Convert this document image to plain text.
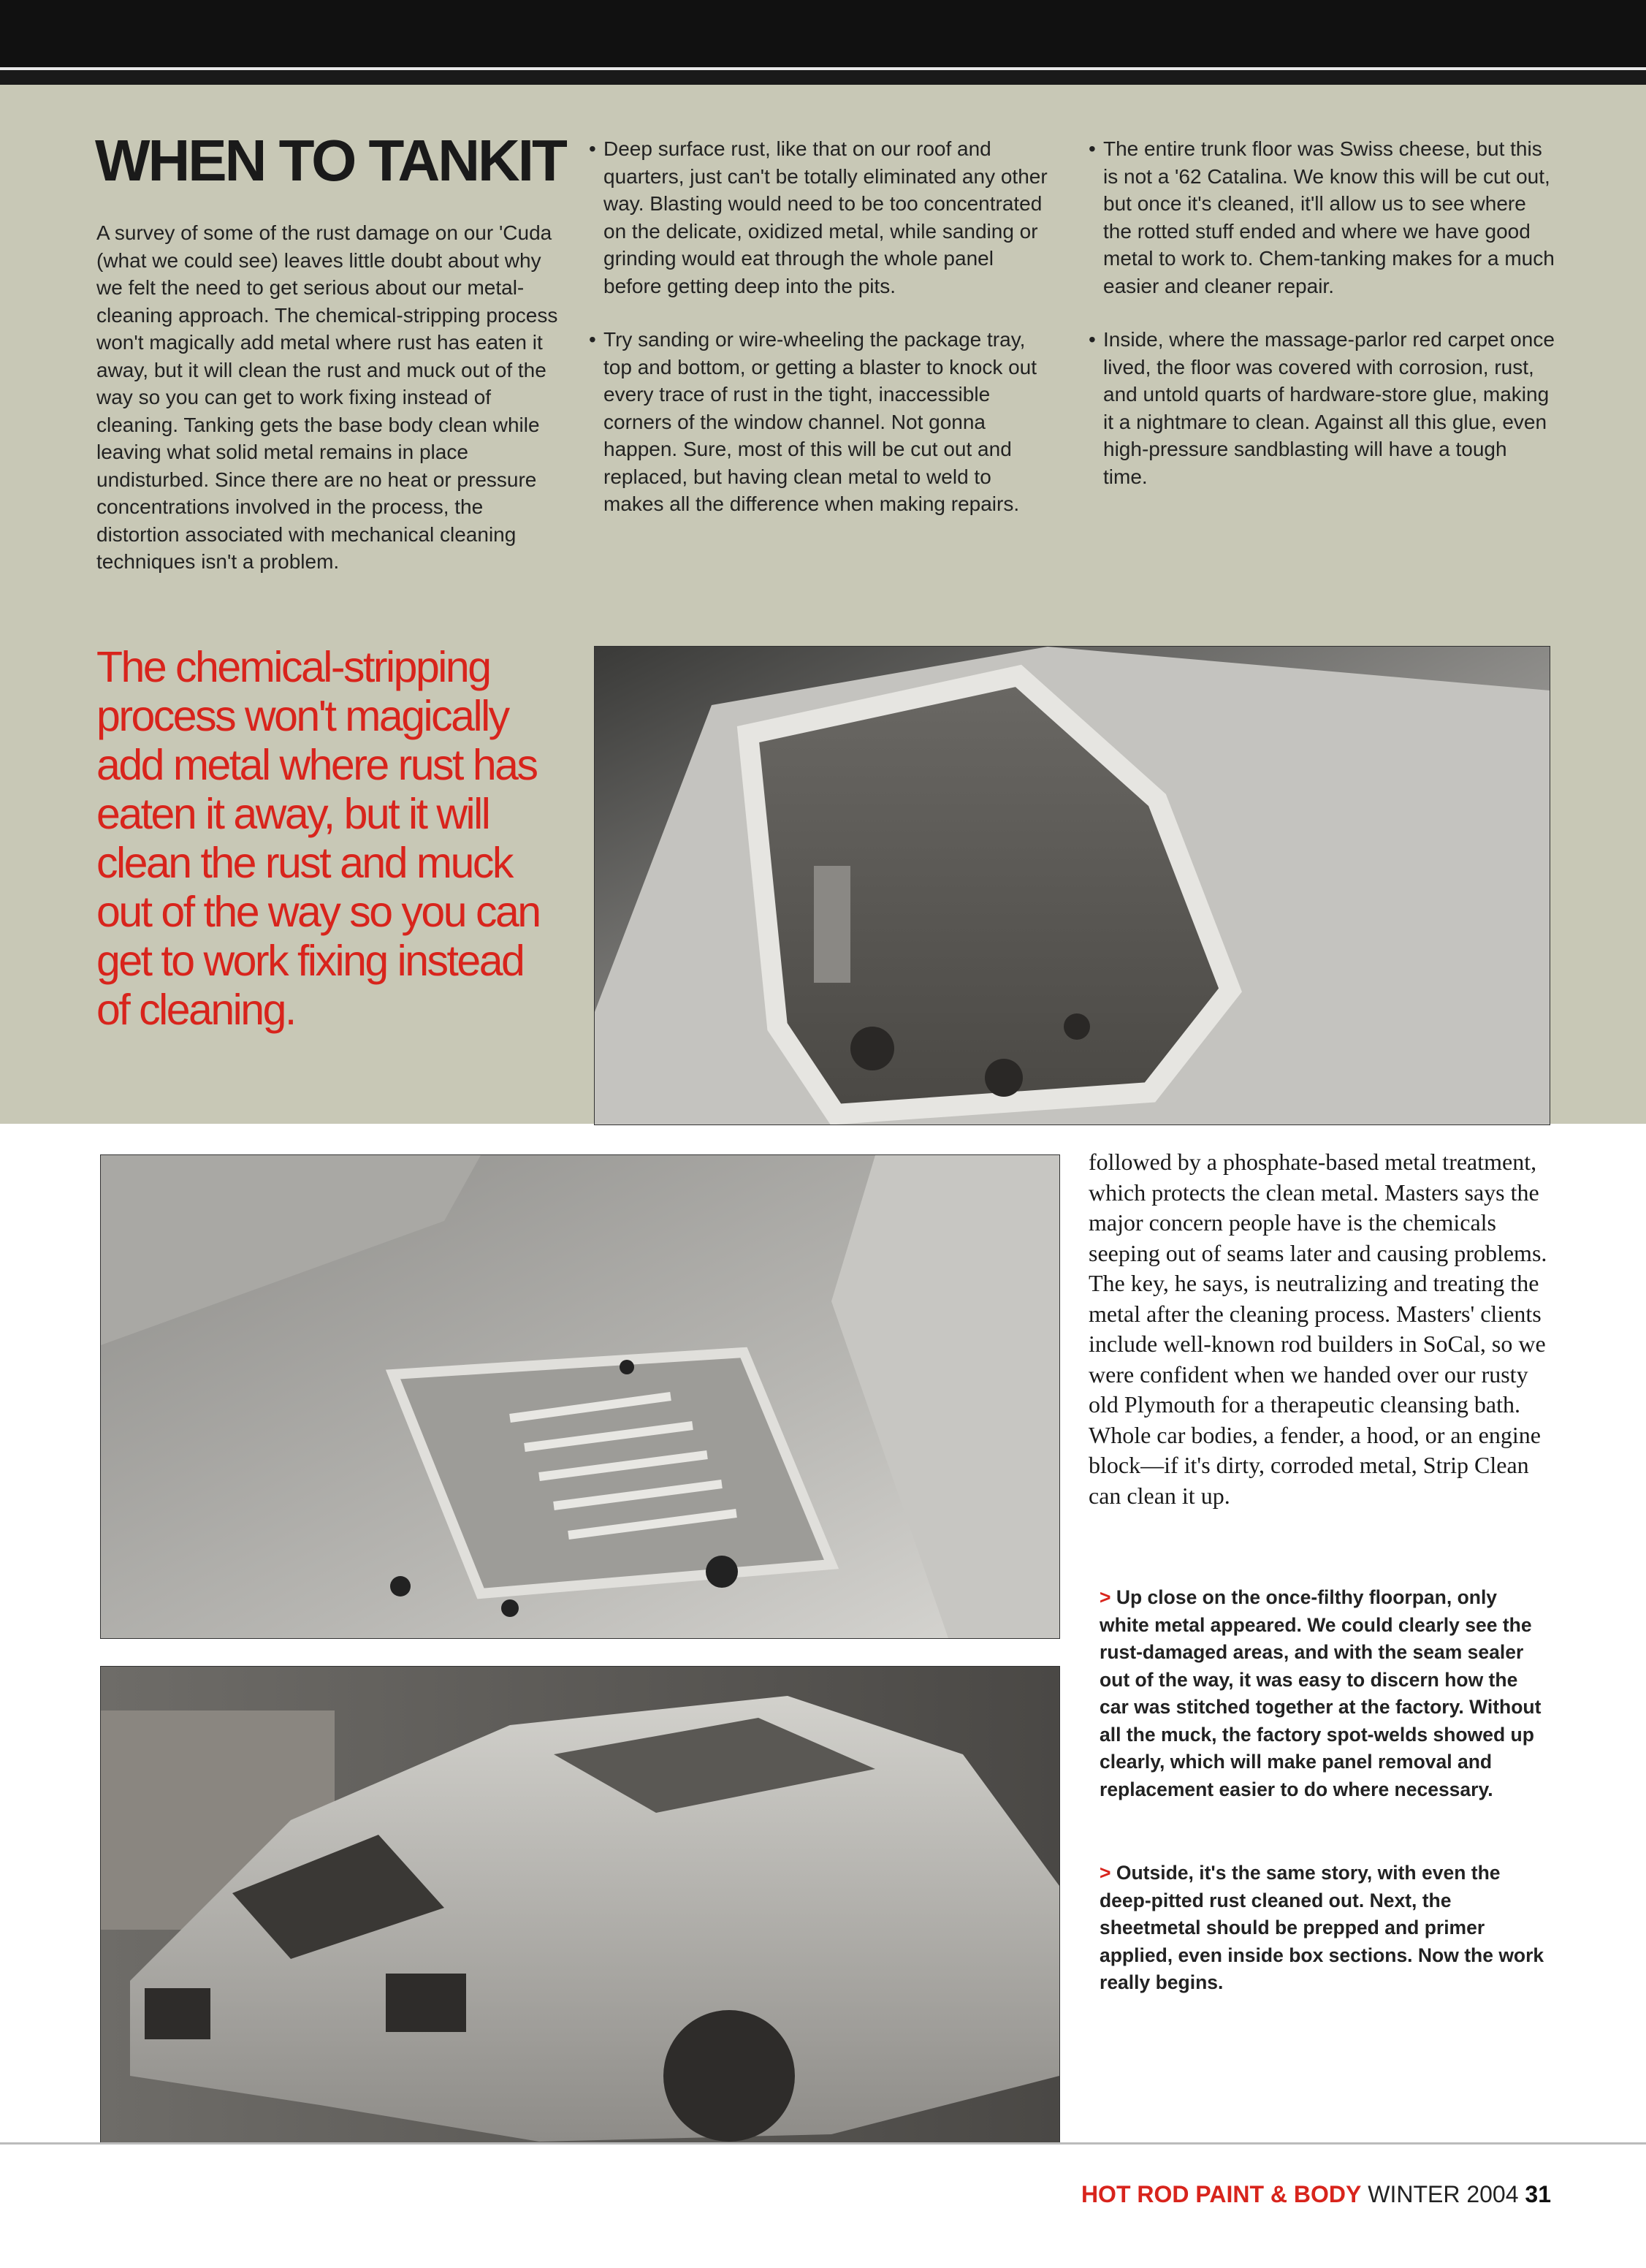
WHEN TO TANKIT

A survey of some of the rust damage on our 'Cuda (what we could see) leaves little doubt about why we felt the need to get serious about our metal-cleaning approach. The chemical-stripping process won't magically add metal where rust has eaten it away, but it will clean the rust and muck out of the way so you can get to work fixing instead of cleaning. Tanking gets the base body clean while leaving what solid metal remains in place undisturbed. Since there are no heat or pressure concentrations involved in the process, the distortion associated with mechanical cleaning techniques isn't a problem.

• Deep surface rust, like that on our roof and quarters, just can't be totally eliminated any other way. Blasting would need to be too concentrated on the delicate, oxidized metal, while sanding or grinding would eat through the whole panel before getting deep into the pits.

• Try sanding or wire-wheeling the package tray, top and bottom, or getting a blaster to knock out every trace of rust in the tight, inaccessible corners of the window channel. Not gonna happen. Sure, most of this will be cut out and replaced, but having clean metal to weld to makes all the difference when making repairs.

• The entire trunk floor was Swiss cheese, but this is not a '62 Catalina. We know this will be cut out, but once it's cleaned, it'll allow us to see where the rotted stuff ended and where we have good metal to work to. Chem-tanking makes for a much easier and cleaner repair.

• Inside, where the massage-parlor red carpet once lived, the floor was covered with corrosion, rust, and untold quarts of hardware-store glue, making it a nightmare to clean. Against all this glue, even high-pressure sandblasting will have a tough time.

The chemical-stripping process won't magically add metal where rust has eaten it away, but it will clean the rust and muck out of the way so you can get to work fixing instead of cleaning.

followed by a phosphate-based metal treatment, which protects the clean metal. Masters says the major concern people have is the chemicals seeping out of seams later and causing problems. The key, he says, is neutralizing and treating the metal after the cleaning process. Masters' clients include well-known rod builders in SoCal, so we were confident when we handed over our rusty old Plymouth for a therapeutic cleansing bath. Whole car bodies, a fender, a hood, or an engine block—if it's dirty, corroded metal, Strip Clean can clean it up.

> Up close on the once-filthy floorpan, only white metal appeared. We could clearly see the rust-damaged areas, and with the seam sealer out of the way, it was easy to discern how the car was stitched together at the factory. Without all the muck, the factory spot-welds showed up clearly, which will make panel removal and replacement easier to do where necessary.

> Outside, it's the same story, with even the deep-pitted rust cleaned out. Next, the sheetmetal should be prepped and primer applied, even inside box sections. Now the work really begins.

HOT ROD PAINT & BODY WINTER 2004 31
